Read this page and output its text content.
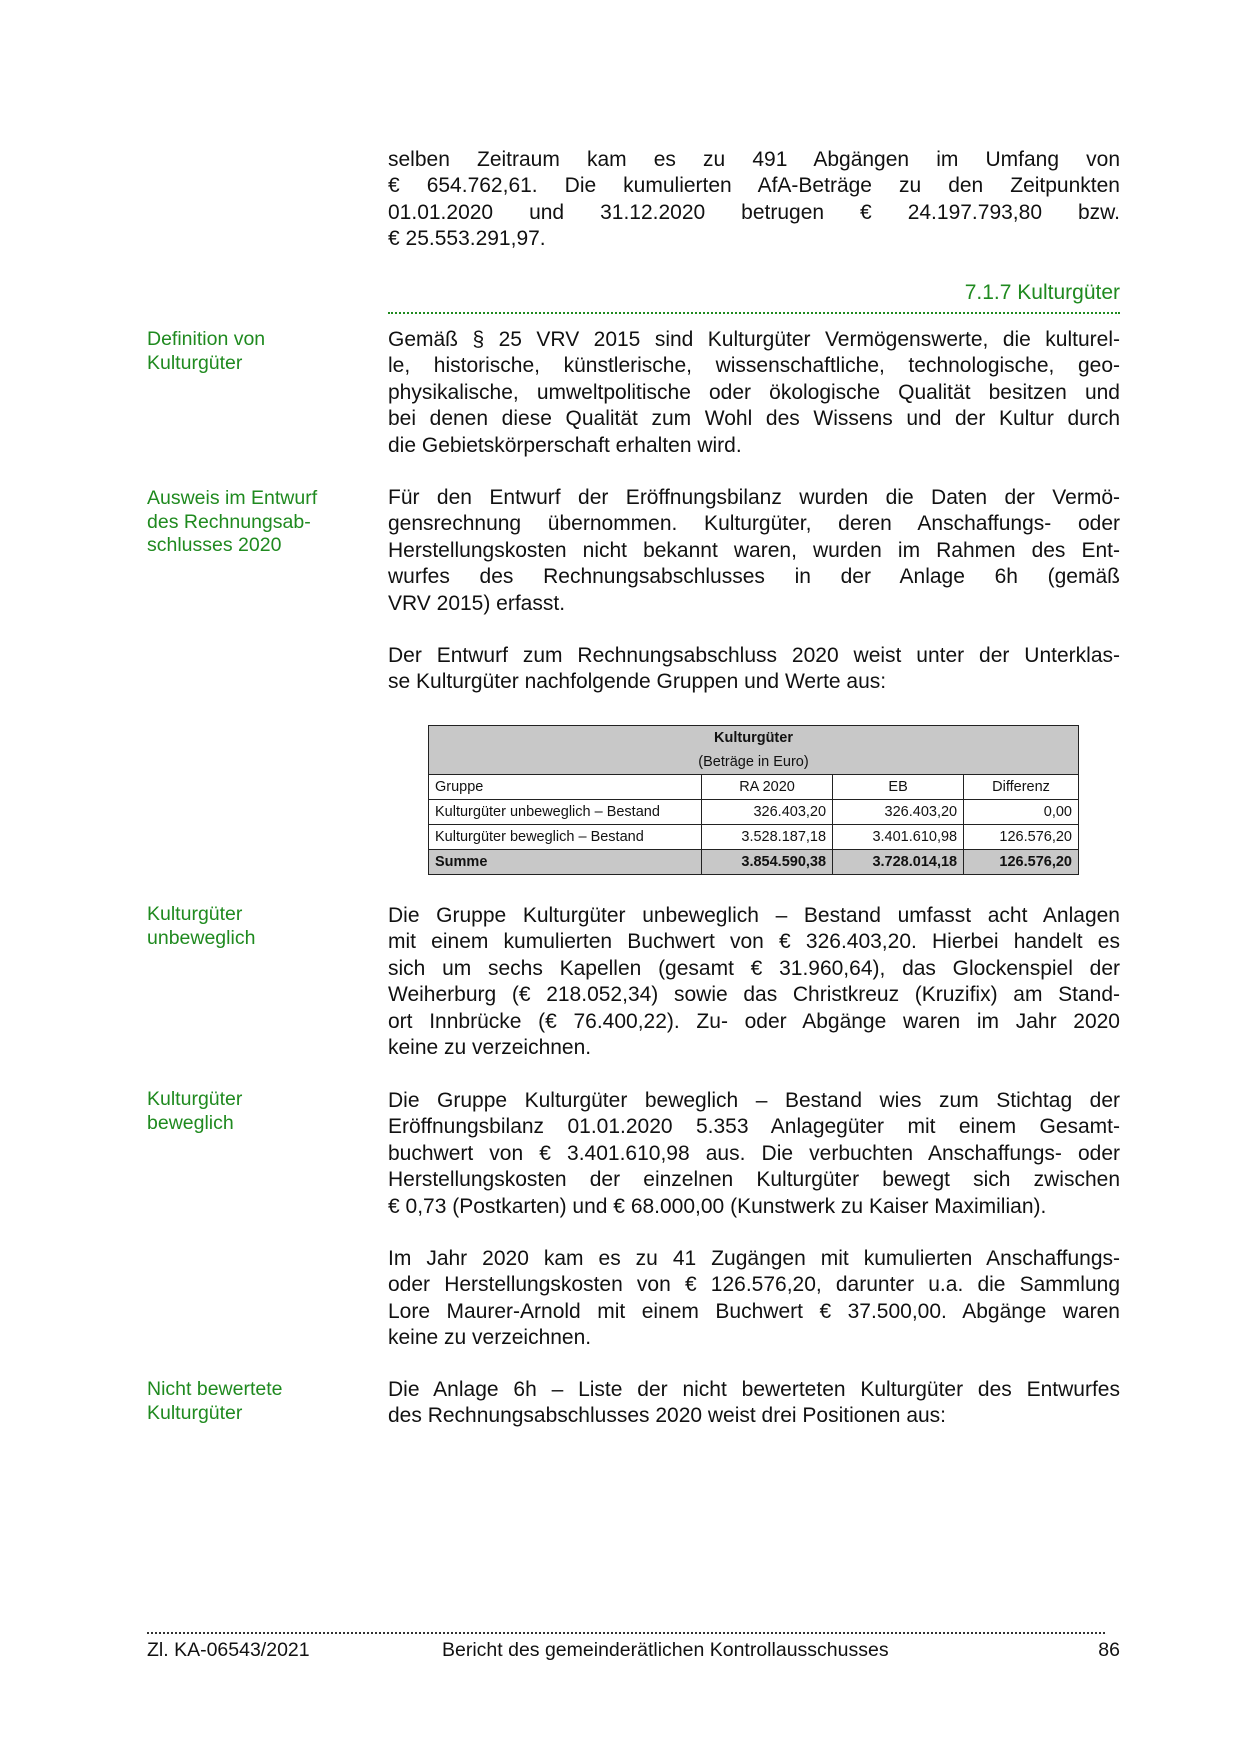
selben Zeitraum kam es zu 491 Abgängen im Umfang von
€ 654.762,61. Die kumulierten AfA-Beträge zu den Zeitpunkten
01.01.2020 und 31.12.2020 betrugen € 24.197.793,80 bzw.
€ 25.553.291,97.
7.1.7 Kulturgüter
Definition von
Kulturgüter
Gemäß § 25 VRV 2015 sind Kulturgüter Vermögenswerte, die kulturel-
le, historische, künstlerische, wissenschaftliche, technologische, geo-
physikalische, umweltpolitische oder ökologische Qualität besitzen und
bei denen diese Qualität zum Wohl des Wissens und der Kultur durch
die Gebietskörperschaft erhalten wird.
Ausweis im Entwurf
des Rechnungsab-
schlusses 2020
Für den Entwurf der Eröffnungsbilanz wurden die Daten der Vermö-
gensrechnung übernommen. Kulturgüter, deren Anschaffungs- oder
Herstellungskosten nicht bekannt waren, wurden im Rahmen des Ent-
wurfes des Rechnungsabschlusses in der Anlage 6h (gemäß
VRV 2015) erfasst.
Der Entwurf zum Rechnungsabschluss 2020 weist unter der Unterklas-
se Kulturgüter nachfolgende Gruppen und Werte aus:
Kulturgüter			
(Beträge in Euro)			
Gruppe	RA 2020	EB	Differenz
Kulturgüter unbeweglich – Bestand	326.403,20	326.403,20	0,00
Kulturgüter beweglich – Bestand	3.528.187,18	3.401.610,98	126.576,20
Summe	3.854.590,38	3.728.014,18	126.576,20
Kulturgüter
unbeweglich
Die Gruppe Kulturgüter unbeweglich – Bestand umfasst acht Anlagen
mit einem kumulierten Buchwert von € 326.403,20. Hierbei handelt es
sich um sechs Kapellen (gesamt € 31.960,64), das Glockenspiel der
Weiherburg (€ 218.052,34) sowie das Christkreuz (Kruzifix) am Stand-
ort Innbrücke (€ 76.400,22). Zu- oder Abgänge waren im Jahr 2020
keine zu verzeichnen.
Kulturgüter
beweglich
Die Gruppe Kulturgüter beweglich – Bestand wies zum Stichtag der
Eröffnungsbilanz 01.01.2020 5.353 Anlagegüter mit einem Gesamt-
buchwert von € 3.401.610,98 aus. Die verbuchten Anschaffungs- oder
Herstellungskosten der einzelnen Kulturgüter bewegt sich zwischen
€ 0,73 (Postkarten) und € 68.000,00 (Kunstwerk zu Kaiser Maximilian).
Im Jahr 2020 kam es zu 41 Zugängen mit kumulierten Anschaffungs-
oder Herstellungskosten von € 126.576,20, darunter u.a. die Sammlung
Lore Maurer-Arnold mit einem Buchwert € 37.500,00. Abgänge waren
keine zu verzeichnen.
Nicht bewertete
Kulturgüter
Die Anlage 6h – Liste der nicht bewerteten Kulturgüter des Entwurfes
des Rechnungsabschlusses 2020 weist drei Positionen aus:
Zl. KA-06543/2021	Bericht des gemeinderätlichen Kontrollausschusses	86
